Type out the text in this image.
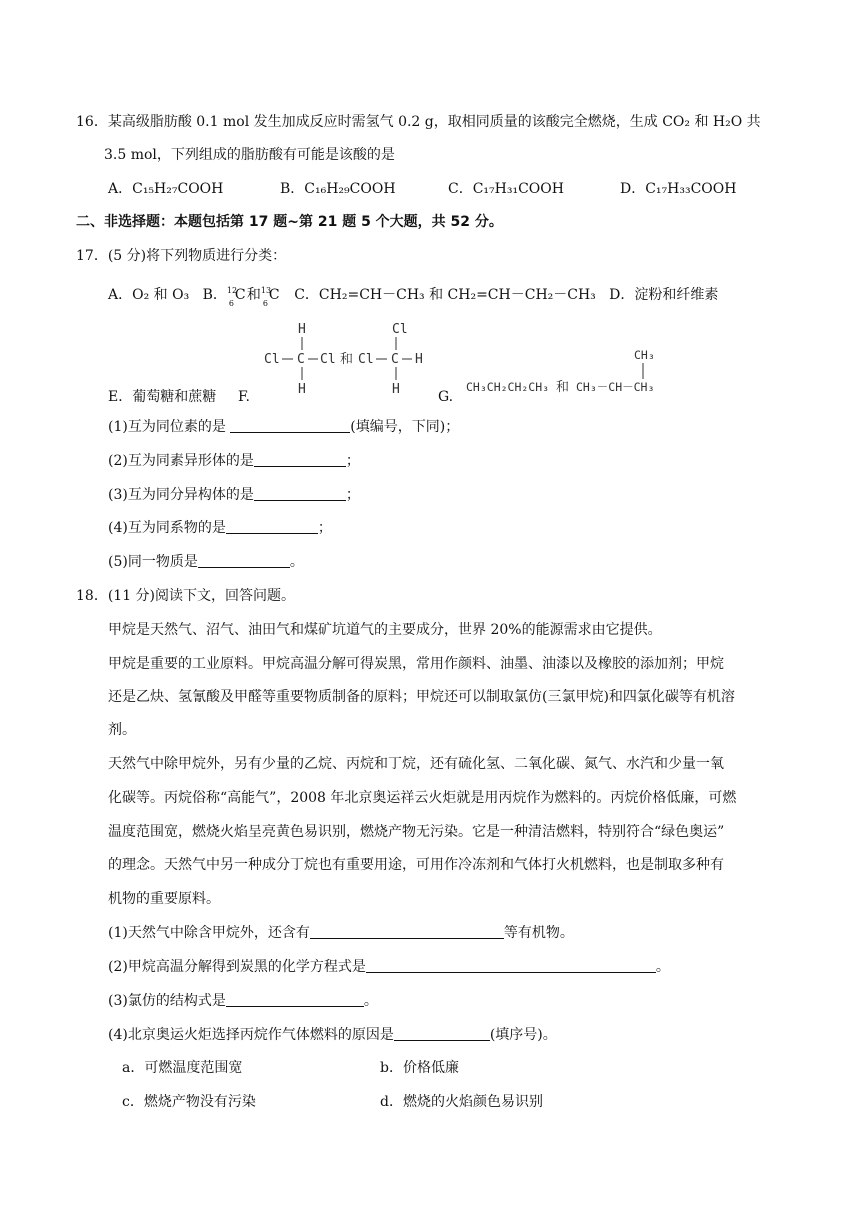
16．某高级脂肪酸 0.1 mol 发生加成反应时需氢气 0.2 g，取相同质量的该酸完全燃烧，生成 CO₂ 和 H₂O 共
3.5 mol，下列组成的脂肪酸有可能是该酸的是
A．C₁₅H₂₇COOH	B．C₁₆H₂₉COOH	C．C₁₇H₃₁COOH	D．C₁₇H₃₃COOH
二、非选择题：本题包括第 17 题~第 21 题 5 个大题，共 52 分。
17．(5 分)将下列物质进行分类：
A．O₂ 和 O₃ B． 12
6
C 和 13
6
C C．CH₂=CH－CH₃ 和 CH₂=CH－CH₂－CH₃ D．淀粉和纤维素
E．葡萄糖和蔗糖 F.	G.
H
Cl C Cl
H
和
Cl
Cl C H
H	CH₃CH₂CH₂CH₃ 和
CH₃
CH₃－CH－CH₃
(1)互为同位素的是	(填编号，下同)；
(2)互为同素异形体的是	；
(3)互为同分异构体的是	；
(4)互为同系物的是	；
(5)同一物质是	。
18．(11 分)阅读下文，回答问题。
甲烷是天然气、沼气、油田气和煤矿坑道气的主要成分，世界 20%的能源需求由它提供。
甲烷是重要的工业原料。甲烷高温分解可得炭黑，常用作颜料、油墨、油漆以及橡胶的添加剂；甲烷
还是乙炔、氢氰酸及甲醛等重要物质制备的原料；甲烷还可以制取氯仿(三氯甲烷)和四氯化碳等有机溶
剂。
天然气中除甲烷外，另有少量的乙烷、丙烷和丁烷，还有硫化氢、二氧化碳、氮气、水汽和少量一氧
化碳等。丙烷俗称“高能气”，2008 年北京奥运祥云火炬就是用丙烷作为燃料的。丙烷价格低廉，可燃
温度范围宽，燃烧火焰呈亮黄色易识别，燃烧产物无污染。它是一种清洁燃料，特别符合“绿色奥运”
的理念。天然气中另一种成分丁烷也有重要用途，可用作冷冻剂和气体打火机燃料，也是制取多种有
机物的重要原料。
(1)天然气中除含甲烷外，还含有	等有机物。
(2)甲烷高温分解得到炭黑的化学方程式是	。
(3)氯仿的结构式是	。
(4)北京奥运火炬选择丙烷作气体燃料的原因是	(填序号)。
a．可燃温度范围宽	b．价格低廉
c．燃烧产物没有污染	d．燃烧的火焰颜色易识别
